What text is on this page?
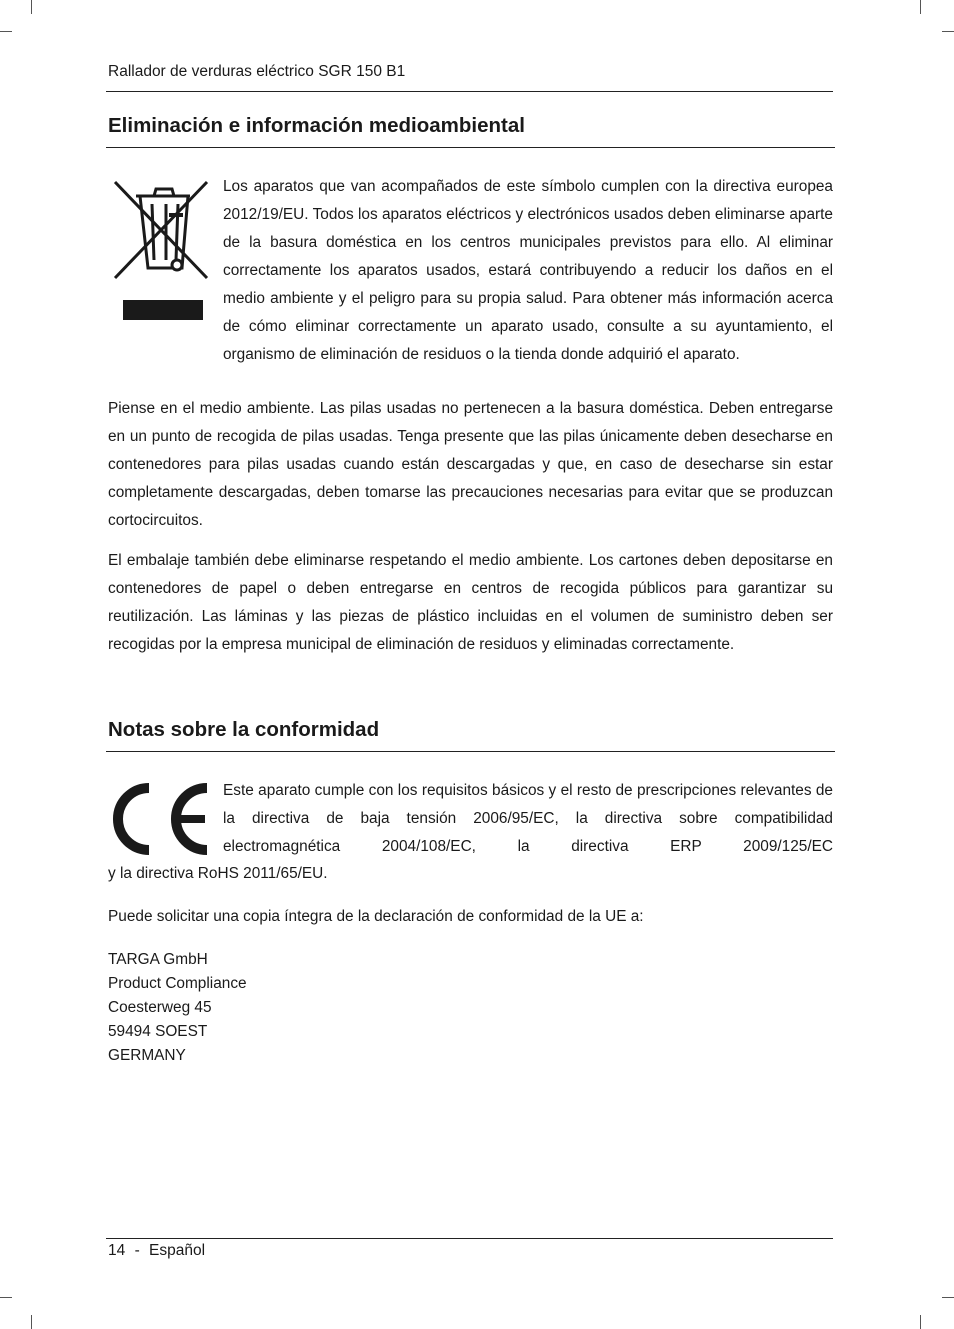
Rallador de verduras eléctrico SGR 150 B1
Eliminación e información medioambiental

Los aparatos que van acompañados de este símbolo cumplen con la directiva europea 2012/19/EU. Todos los aparatos eléctricos y electrónicos usados deben eliminarse aparte de la basura doméstica en los centros municipales previstos para ello. Al eliminar correctamente los aparatos usados, estará contribuyendo a reducir los daños en el medio ambiente y el peligro para su propia salud. Para obtener más información acerca de cómo eliminar correctamente un aparato usado, consulte a su ayuntamiento, el organismo de eliminación de residuos o la tienda donde adquirió el aparato.

Piense en el medio ambiente. Las pilas usadas no pertenecen a la basura doméstica. Deben entregarse en un punto de recogida de pilas usadas. Tenga presente que las pilas únicamente deben desecharse en contenedores para pilas usadas cuando están descargadas y que, en caso de desecharse sin estar completamente descargadas, deben tomarse las precauciones necesarias para evitar que se produzcan cortocircuitos.

El embalaje también debe eliminarse respetando el medio ambiente. Los cartones deben depositarse en contenedores de papel o deben entregarse en centros de recogida públicos para garantizar su reutilización. Las láminas y las piezas de plástico incluidas en el volumen de suministro deben ser recogidas por la empresa municipal de eliminación de residuos y eliminadas correctamente.

Notas sobre la conformidad

Este aparato cumple con los requisitos básicos y el resto de prescripciones relevantes de la directiva de baja tensión 2006/95/EC, la directiva sobre compatibilidad electromagnética 2004/108/EC, la directiva ERP 2009/125/EC

y la directiva RoHS 2011/65/EU.

Puede solicitar una copia íntegra de la declaración de conformidad de la UE a:

TARGA GmbH
Product Compliance
Coesterweg 45
59494 SOEST
GERMANY
14 - Español
